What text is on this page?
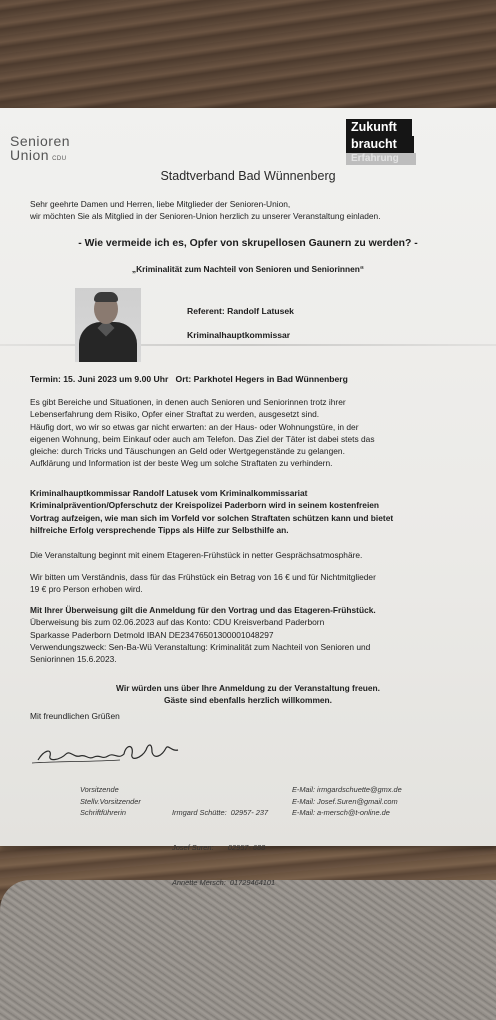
Senioren
Union CDU
Zukunft
braucht
Erfahrung
Stadtverband Bad Wünnenberg
Sehr geehrte Damen und Herren, liebe Mitglieder der Senioren-Union,
wir möchten Sie als Mitglied in der Senioren-Union herzlich zu unserer Veranstaltung einladen.
- Wie vermeide ich es, Opfer von skrupellosen Gaunern zu werden? -
„Kriminalität zum Nachteil von Senioren und Seniorinnen“
Referent: Randolf Latusek
Kriminalhauptkommissar
Termin: 15. Juni 2023 um 9.00 Uhr   Ort: Parkhotel Hegers in Bad Wünnenberg
Es gibt Bereiche und Situationen, in denen auch Senioren und Seniorinnen trotz ihrer
Lebenserfahrung dem Risiko, Opfer einer Straftat zu werden, ausgesetzt sind.
Häufig dort, wo wir so etwas gar nicht erwarten: an der Haus- oder Wohnungstüre, in der
eigenen Wohnung, beim Einkauf oder auch am Telefon. Das Ziel der Täter ist dabei stets das
gleiche: durch Tricks und Täuschungen an Geld oder Wertgegenstände zu gelangen.
Aufklärung und Information ist der beste Weg um solche Straftaten zu verhindern.
Kriminalhauptkommissar Randolf Latusek vom Kriminalkommissariat
Kriminalprävention/Opferschutz der Kreispolizei Paderborn wird in seinem kostenfreien
Vortrag aufzeigen, wie man sich im Vorfeld vor solchen Straftaten schützen kann und bietet
hilfreiche Erfolg versprechende Tipps als Hilfe zur Selbsthilfe an.
Die Veranstaltung beginnt mit einem Etageren-Frühstück in netter Gesprächsatmosphäre.
Wir bitten um Verständnis, dass für das Frühstück ein Betrag von 16 € und für Nichtmitglieder
19 € pro Person erhoben wird.
Mit Ihrer Überweisung gilt die Anmeldung für den Vortrag und das Etageren-Frühstück.
Überweisung bis zum 02.06.2023 auf das Konto: CDU Kreisverband Paderborn
Sparkasse Paderborn Detmold IBAN DE23476501300001048297
Verwendungszweck: Sen-Ba-Wü Veranstaltung: Kriminalität zum Nachteil von Senioren und
Seniorinnen 15.6.2023.
Wir würden uns über Ihre Anmeldung zu der Veranstaltung freuen.
Gäste sind ebenfalls herzlich willkommen.
Mit freundlichen Grüßen
Vorsitzende
Stellv.Vorsitzender
Schriftführerin

	Irmgard Schütte:  02957- 237

Josef Suren:       02957- 688

Annette Mersch:  01729464101

E-Mail: irmgardschuette@gmx.de
E-Mail: Josef.Suren@gmail.com
E-Mail: a-mersch@t-online.de
